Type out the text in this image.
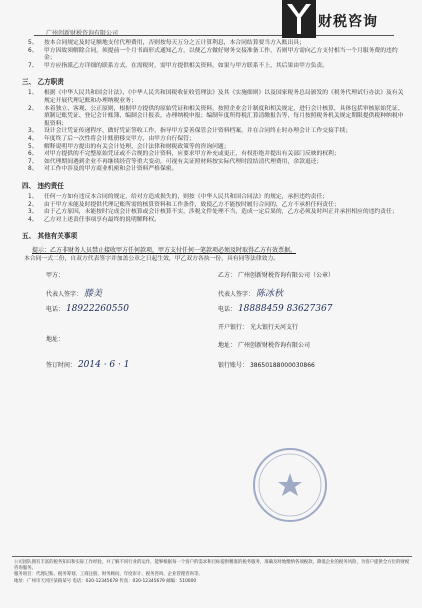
广州创新财税咨询有限公司
财税咨询
5、 按本合同规定及时足额地支付代理费用，否则按每天万分之五计算利息，本合同结算要当方入账出具；
6、 甲方因故须解除合同，须提前一个月书面形式通知乙方，以便乙方做好财务交接准备工作，否则甲方需向乙方支付相当一个月服务费的违约金；
7、 甲方应指派乙方详细的联系方式，在需税时，需甲方提供相关资料，如果与甲方联系不上，其后果由甲方负责。
三、 乙方职责
1、 根据《中华人民共和国会计法》、《中华人民共和国税收征收管理法》及其《实施细则》以及国家税务总局颁发的《税务代理试行办法》及有关规定开展代理记账和办理纳税业务；
2、 本着独立、客观、公正原则，根据甲方提供的原始凭证和相关资料，按照企业会计制度和相关规定，进行会计核算，具体包括审核原始凭证、填制记账凭证、登记会计账簿、编制会计报表，办理纳税申报；编制年度所得税汇算清缴报告等，每月按照税务机关规定期限提供税种纳税申报资料；
3、 设计会计凭证传递程序，做好凭证签收工作，指导甲方妥善保管会计资料档案，并在合同终止时办理会计工作交接手续；
4、 年度终了后一次性将会计账册移交甲方，由甲方自行保管；
5、 解释说明甲方提出的有关会计处理、会计法律和财税政策等的咨询问题；
6、 对甲方提供的不完整原始凭证或不合规的会计资料，应要求甲方补充或更正，有权拒绝并提出有关部门反映的权利；
7、 如代理期间遇到企业不再继续经营等重大变动，可视有关证照材料按实际代理时段结清代理费用，余款退还；
8、 对工作中涉及的甲方商业机密和会计资料严格保密。
四、 违约责任
1、 任何一方如有违反本合同的规定，给对方造成损失的，则按《中华人民共和国合同法》的规定，承担违约责任；
2、 由于甲方未能及时提供代理记账所需的核算资料和工作条件，致使乙方不能按时履行合同的，乙方不承担任何责任；
3、 由于乙方原因，未能按时完成会计核算或会计核算不实，涉税文件处理不当，造成一定后果的，乙方必须及时纠正并承担相应的违约责任；
4、 乙方对上述责任事项享有最终的说明解释权。
五、 其他有关事项
提示：乙方非财务人员禁止接收甲方任何款项，甲方支付任何一笔款项必须及时取得乙方有效票据。
本合同一式二份，自双方代表签字并加盖公章之日起生效，甲乙双方各执一份，具有同等法律效力。
甲方：
代表人签字： 滕美
电话： 18922260550
地址：
签订时间： 2014 · 6 · 1
乙方： 广州创新财税咨询有限公司（公章）
代表人签字： 陈冰秋
电话： 18888459 83627367
开户银行： 光大银行天河支行
地址： 广州创新财税咨询有限公司
银行账号： 38650188000030866
公司团队拥有丰富的税务知识和实际工作经验，并了解不同行业的运作，能够根据每一个客户的需求和目标提供精准的税务服务，准确及时地缴纳各项税款，降低企业的税务风险，为客户提供全方位的财税咨询服务。
服务项目：代理记账、税务筹划、工商注册、财务顾问、年度审计、税务咨询、企业管理咨询等。
地址：广州市天河区某路某号 电话：020-12345678 传真：020-12345679 邮编：510000
